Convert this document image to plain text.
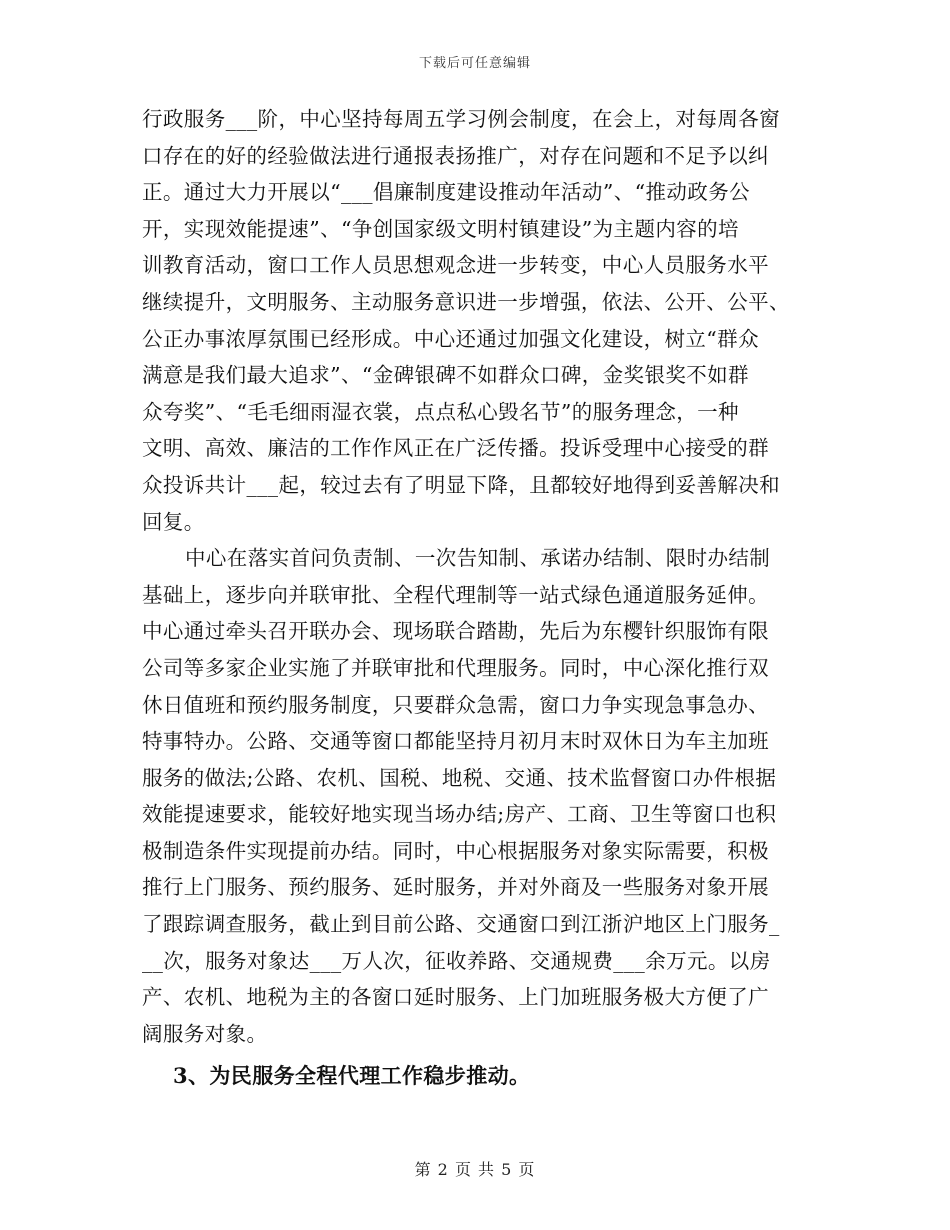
下载后可任意编辑
行政服务___阶，中心坚持每周五学习例会制度，在会上，对每周各窗
口存在的好的经验做法进行通报表扬推广，对存在问题和不足予以纠
正。通过大力开展以“___倡廉制度建设推动年活动”、“推动政务公
开，实现效能提速”、“争创国家级文明村镇建设”为主题内容的培
训教育活动，窗口工作人员思想观念进一步转变，中心人员服务水平
继续提升，文明服务、主动服务意识进一步增强，依法、公开、公平、
公正办事浓厚氛围已经形成。中心还通过加强文化建设，树立“群众
满意是我们最大追求”、“金碑银碑不如群众口碑，金奖银奖不如群
众夸奖”、“毛毛细雨湿衣裳，点点私心毁名节”的服务理念，一种
文明、高效、廉洁的工作作风正在广泛传播。投诉受理中心接受的群
众投诉共计___起，较过去有了明显下降，且都较好地得到妥善解决和
回复。
中心在落实首问负责制、一次告知制、承诺办结制、限时办结制
基础上，逐步向并联审批、全程代理制等一站式绿色通道服务延伸。
中心通过牵头召开联办会、现场联合踏勘，先后为东樱针织服饰有限
公司等多家企业实施了并联审批和代理服务。同时，中心深化推行双
休日值班和预约服务制度，只要群众急需，窗口力争实现急事急办、
特事特办。公路、交通等窗口都能坚持月初月末时双休日为车主加班
服务的做法;公路、农机、国税、地税、交通、技术监督窗口办件根据
效能提速要求，能较好地实现当场办结;房产、工商、卫生等窗口也积
极制造条件实现提前办结。同时，中心根据服务对象实际需要，积极
推行上门服务、预约服务、延时服务，并对外商及一些服务对象开展
了跟踪调查服务，截止到目前公路、交通窗口到江浙沪地区上门服务_
__次，服务对象达___万人次，征收养路、交通规费___余万元。以房
产、农机、地税为主的各窗口延时服务、上门加班服务极大方便了广
阔服务对象。
3、为民服务全程代理工作稳步推动。
第 2 页 共 5 页
